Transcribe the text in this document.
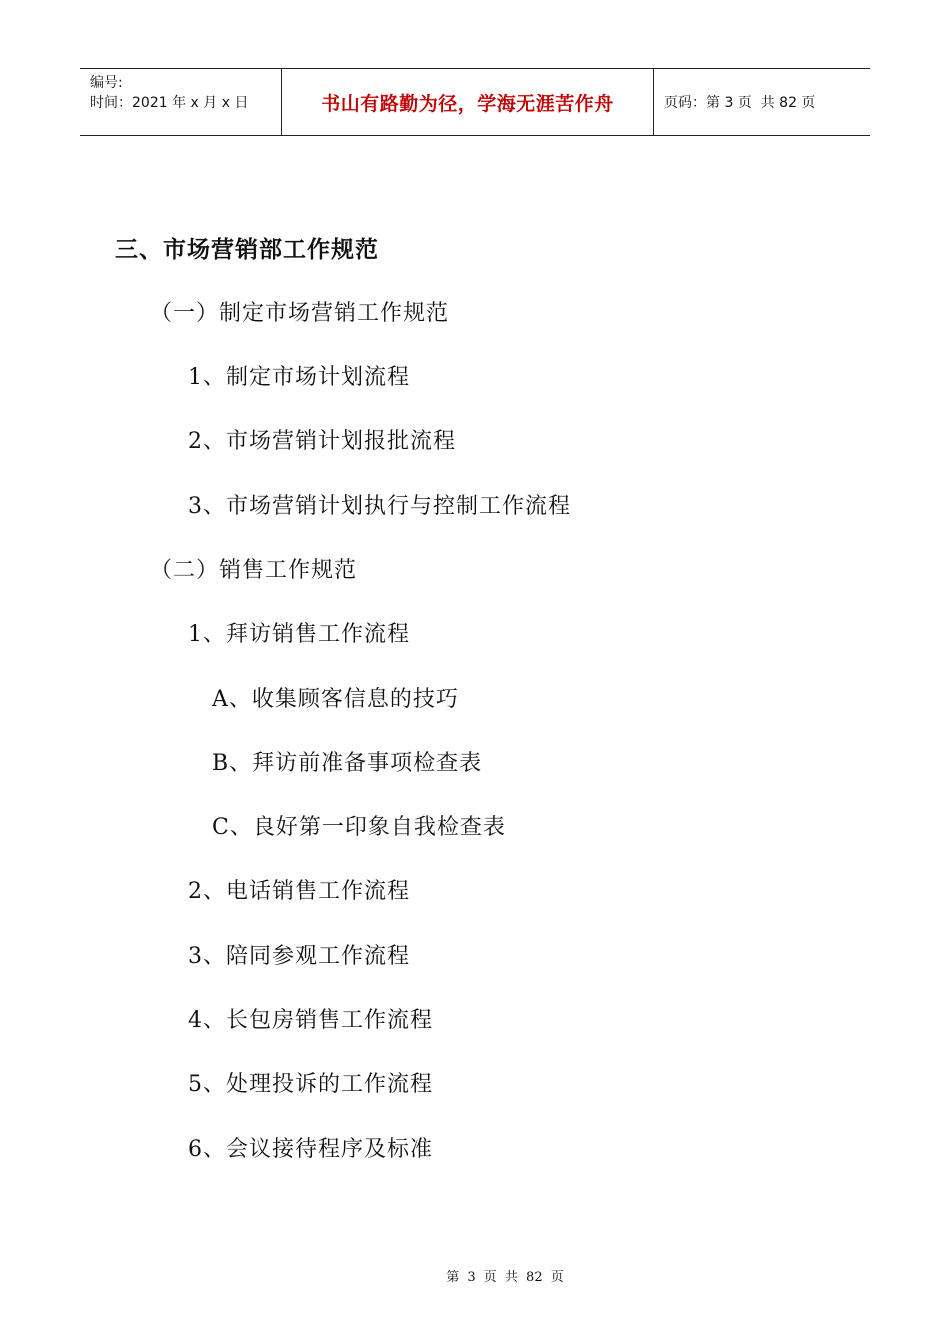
编号:
时间：2021 年 x 月 x 日	书山有路勤为径，学海无涯苦作舟	页码：第 3 页  共 82 页
三、市场营销部工作规范
（一）制定市场营销工作规范
1、制定市场计划流程
2、市场营销计划报批流程
3、市场营销计划执行与控制工作流程
（二）销售工作规范
1、拜访销售工作流程
A、收集顾客信息的技巧
B、拜访前准备事项检查表
C、良好第一印象自我检查表
2、电话销售工作流程
3、陪同参观工作流程
4、长包房销售工作流程
5、处理投诉的工作流程
6、会议接待程序及标准
第 3 页 共 82 页
